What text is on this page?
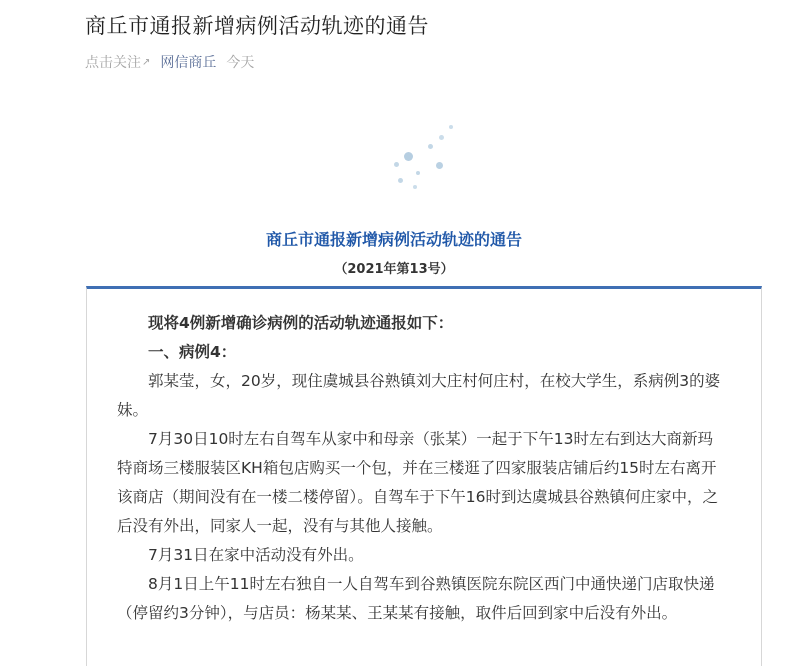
商丘市通报新增病例活动轨迹的通告
点击关注 ↗ 网信商丘 今天
商丘市通报新增病例活动轨迹的通告
（2021年第13号）

现将4例新增确诊病例的活动轨迹通报如下：

一、病例4：

郭某莹，女，20岁，现住虞城县谷熟镇刘大庄村何庄村，在校大学生，系病例3的婆妹。

7月30日10时左右自驾车从家中和母亲（张某）一起于下午13时左右到达大商新玛特商场三楼服装区KH箱包店购买一个包，并在三楼逛了四家服装店铺后约15时左右离开该商店（期间没有在一楼二楼停留）。自驾车于下午16时到达虞城县谷熟镇何庄家中，之后没有外出，同家人一起，没有与其他人接触。

7月31日在家中活动没有外出。

8月1日上午11时左右独自一人自驾车到谷熟镇医院东院区西门中通快递门店取快递（停留约3分钟），与店员：杨某某、王某某有接触，取件后回到家中后没有外出。
